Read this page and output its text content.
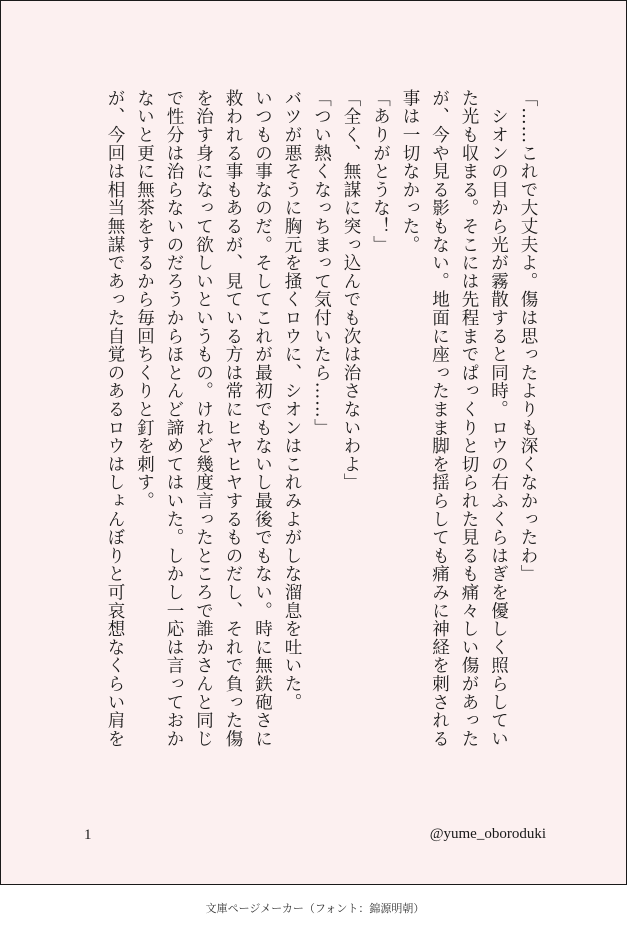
「……これで大丈夫よ。傷は思ったよりも深くなかったわ」

　シオンの目から光が霧散すると同時。ロウの右ふくらはぎを優しく照らしてい

た光も収まる。そこには先程までぱっくりと切られた見るも痛々しい傷があった

が、今や見る影もない。地面に座ったまま脚を揺らしても痛みに神経を刺される

事は一切なかった。

「ありがとうな！」

「全く、無謀に突っ込んでも次は治さないわよ」

「つい熱くなっちまって気付いたら……」

バツが悪そうに胸元を掻くロウに、シオンはこれみよがしな溜息を吐いた。

いつもの事なのだ。そしてこれが最初でもないし最後でもない。時に無鉄砲さに

救われる事もあるが、見ている方は常にヒヤヒヤするものだし、それで負った傷

を治す身になって欲しいというもの。けれど幾度言ったところで誰かさんと同じ

で性分は治らないのだろうからほとんど諦めてはいた。しかし一応は言っておか

ないと更に無茶をするから毎回ちくりと釘を刺す。

が、今回は相当無謀であった自覚のあるロウはしょんぼりと可哀想なくらい肩を

1	@yume_oboroduki
文庫ページメーカー（フォント：錦源明朝）
